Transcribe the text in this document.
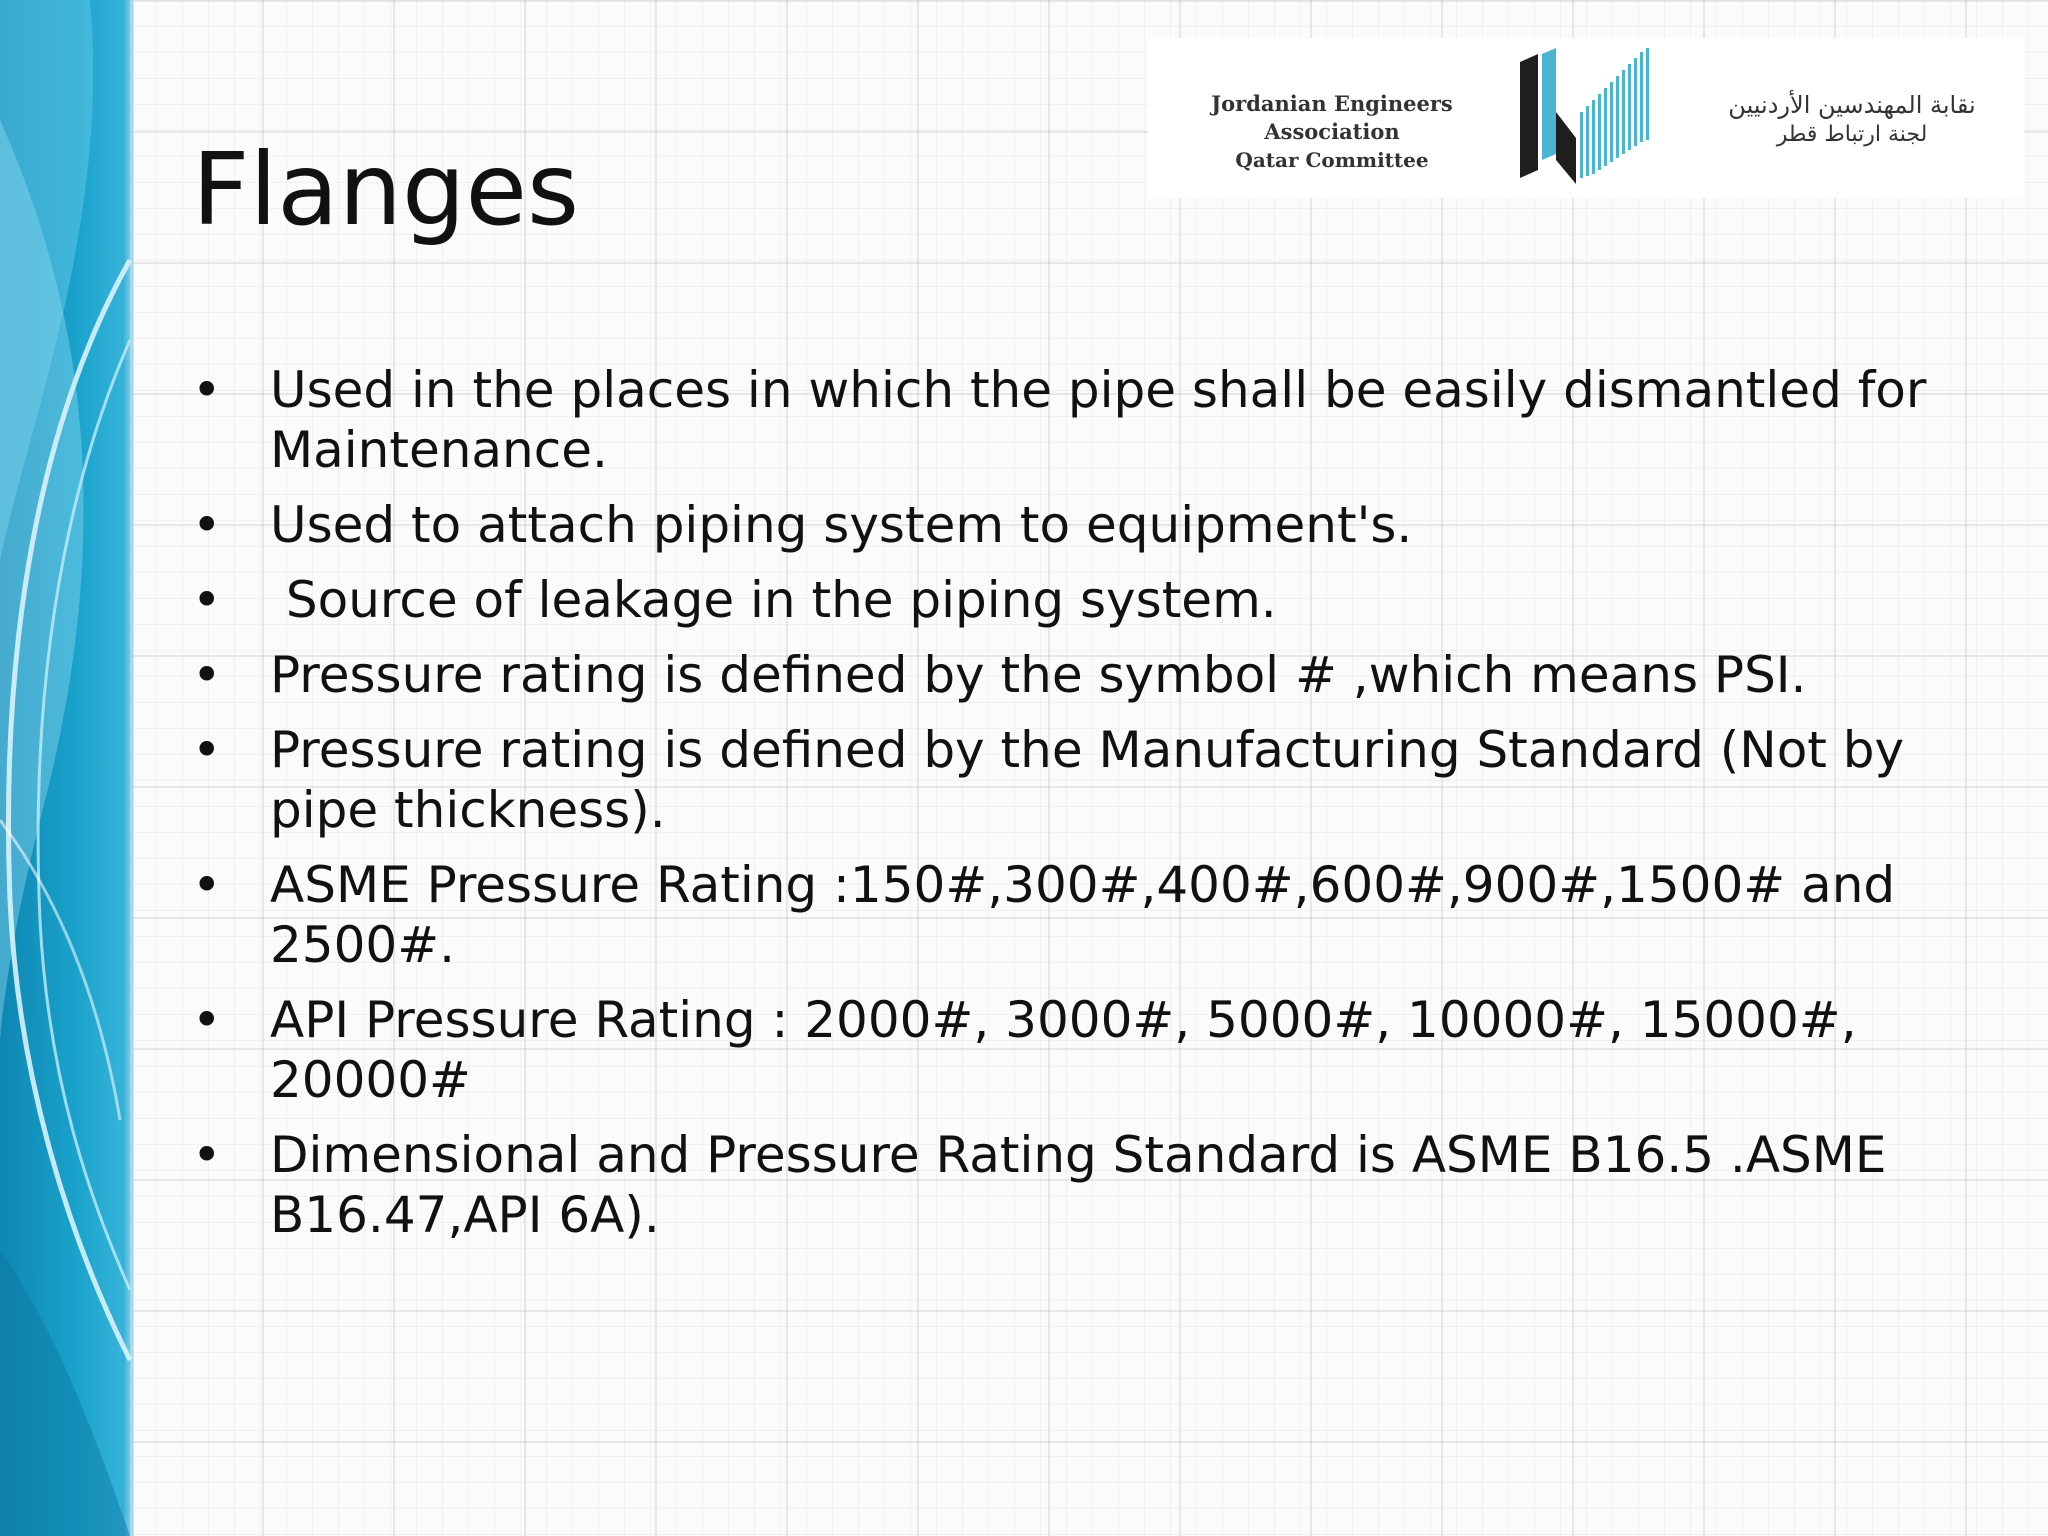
Jordanian Engineers Association
Qatar Committee
نقابة المهندسين الأردنيين
لجنة ارتباط قطر
Flanges
• Used in the places in which the pipe shall be easily dismantled for Maintenance.
• Used to attach piping system to equipment's.
•  Source of leakage in the piping system.
• Pressure rating is defined by the symbol # ,which means PSI.
• Pressure rating is defined by the Manufacturing Standard (Not by pipe thickness).
• ASME Pressure Rating :150#,300#,400#,600#,900#,1500# and 2500#.
• API Pressure Rating : 2000#, 3000#, 5000#, 10000#, 15000#, 20000#
• Dimensional and Pressure Rating Standard is ASME B16.5 .ASME B16.47,API 6A).
